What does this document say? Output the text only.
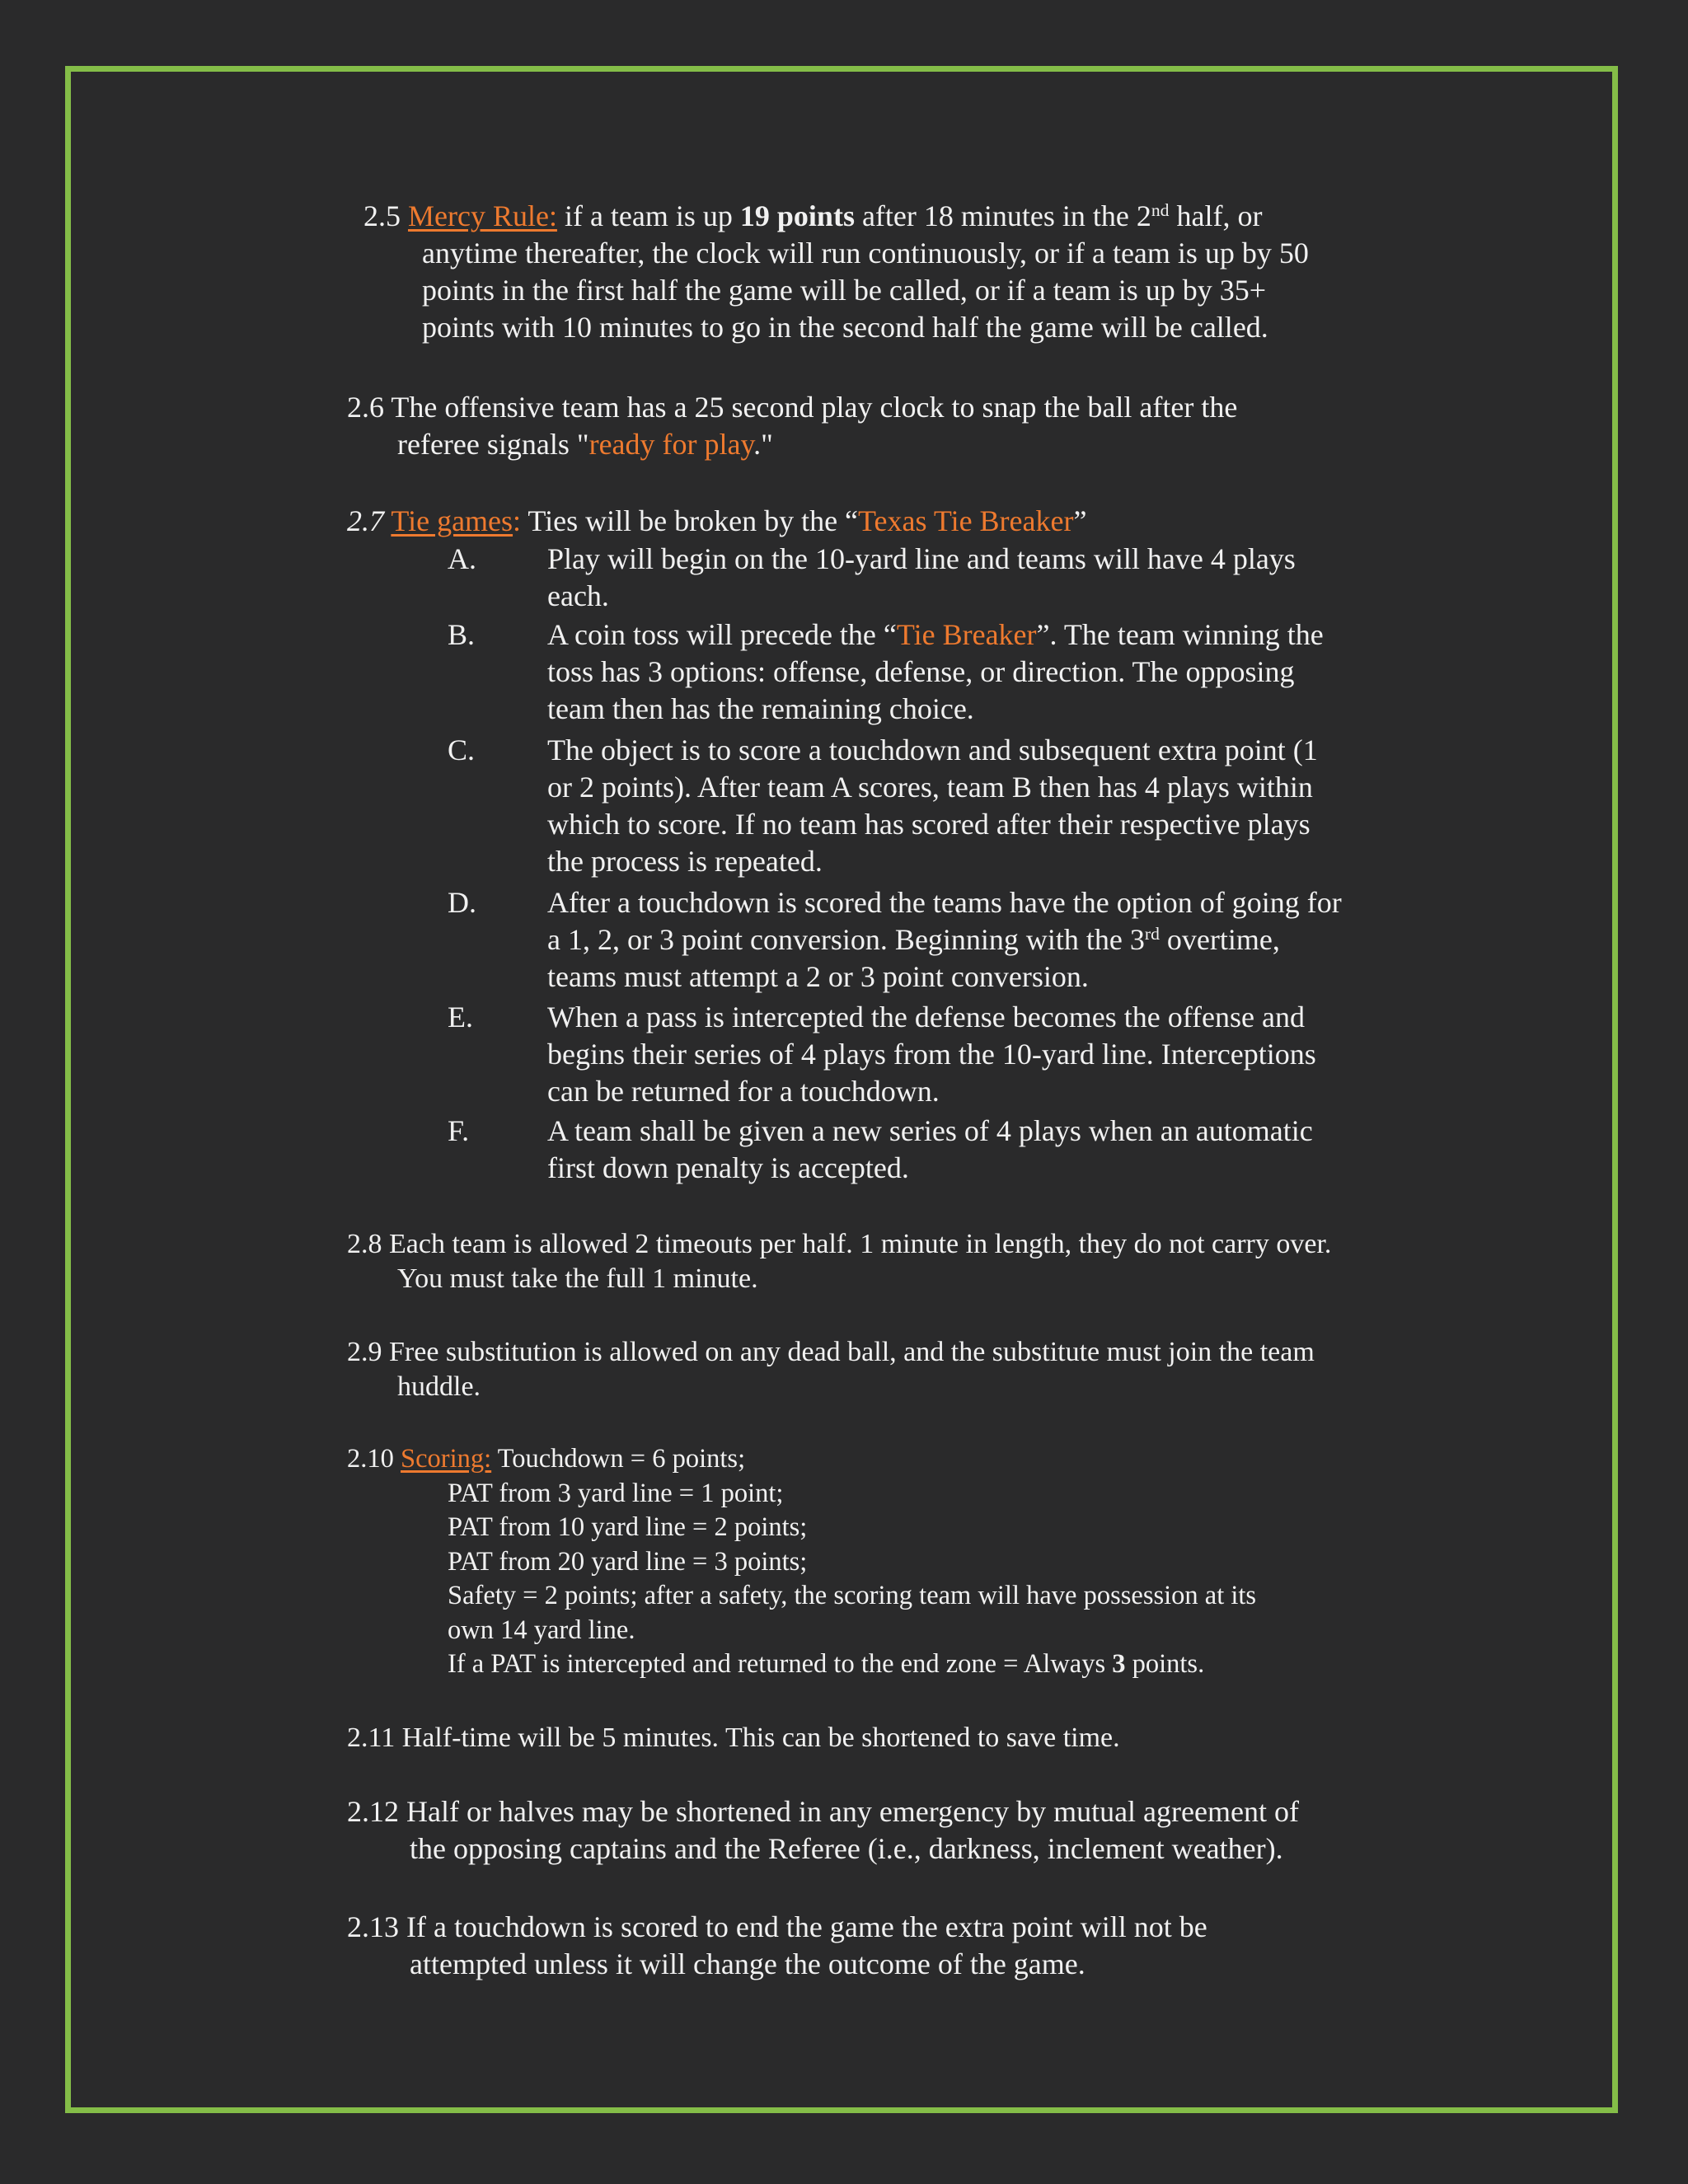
2.5 Mercy Rule: if a team is up 19 points after 18 minutes in the 2nd half, or
anytime thereafter, the clock will run continuously, or if a team is up by 50
points in the first half the game will be called, or if a team is up by 35+
points with 10 minutes to go in the second half the game will be called.
2.6 The offensive team has a 25 second play clock to snap the ball after the
referee signals "ready for play."
2.7 Tie games: Ties will be broken by the “Texas Tie Breaker”
A. Play will begin on the 10-yard line and teams will have 4 plays
each.
B. A coin toss will precede the “Tie Breaker”. The team winning the
toss has 3 options: offense, defense, or direction. The opposing
team then has the remaining choice.
C. The object is to score a touchdown and subsequent extra point (1
or 2 points). After team A scores, team B then has 4 plays within
which to score. If no team has scored after their respective plays
the process is repeated.
D. After a touchdown is scored the teams have the option of going for
a 1, 2, or 3 point conversion. Beginning with the 3rd overtime,
teams must attempt a 2 or 3 point conversion.
E.	When a pass is intercepted the defense becomes the offense and
begins their series of 4 plays from the 10-yard line. Interceptions
can be returned for a touchdown.
F.	A team shall be given a new series of 4 plays when an automatic
first down penalty is accepted.
2.8 Each team is allowed 2 timeouts per half. 1 minute in length, they do not carry over.
You must take the full 1 minute.
2.9 Free substitution is allowed on any dead ball, and the substitute must join the team
huddle.
2.10 Scoring: Touchdown = 6 points;
PAT from 3 yard line = 1 point;
PAT from 10 yard line = 2 points;
PAT from 20 yard line = 3 points;
Safety = 2 points; after a safety, the scoring team will have possession at its
own 14 yard line.
If a PAT is intercepted and returned to the end zone = Always 3 points.
2.11 Half-time will be 5 minutes. This can be shortened to save time.
2.12 Half or halves may be shortened in any emergency by mutual agreement of
the opposing captains and the Referee (i.e., darkness, inclement weather).
2.13 If a touchdown is scored to end the game the extra point will not be
attempted unless it will change the outcome of the game.
